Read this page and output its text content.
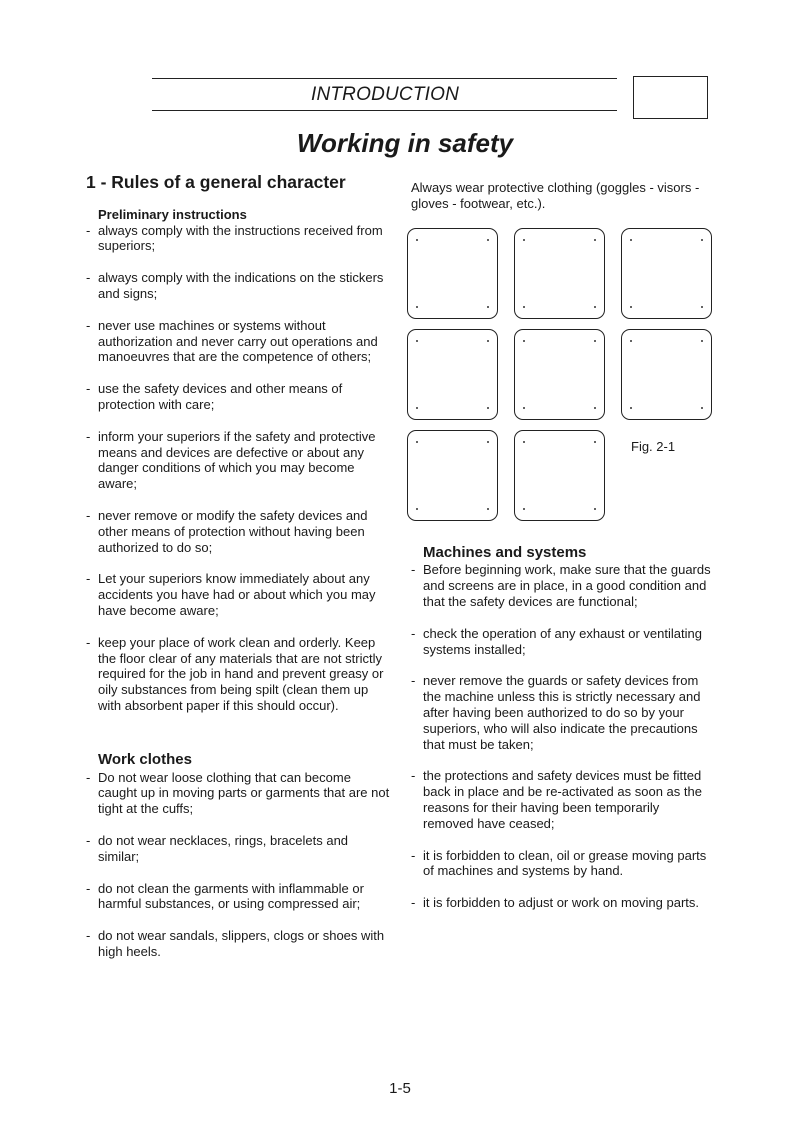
INTRODUCTION
Working in safety
1 - Rules of a general character
Preliminary instructions
- always comply with the instructions received from superiors;
- always comply with the indications on the stickers and signs;
- never use machines or systems without authorization and never carry out operations and manoeuvres that are the competence of others;
- use the safety devices and other means of protection with care;
- inform your superiors if the safety and protective means and devices are defective or about any danger conditions of which you may become aware;
- never remove or modify the safety devices and other means of protection without having been authorized to do so;
- Let your superiors know immediately about any accidents you have had or about which you may have become aware;
- keep your place of work clean and orderly. Keep the floor clear of any materials that are not strictly required for the job in hand and prevent greasy or oily substances from being spilt (clean them up with absorbent paper if this should occur).
Work clothes
- Do not wear loose clothing that can become caught up in moving parts or garments that are not tight at the cuffs;
- do not wear necklaces, rings, bracelets and similar;
- do not clean the garments with inflammable or harmful substances, or using compressed air;
- do not wear sandals, slippers, clogs or shoes with high heels.
Always wear protective clothing (goggles - visors - gloves - footwear, etc.).
Fig. 2-1
Machines and systems
- Before beginning work, make sure that the guards and screens are in place, in a good condition and that the safety devices are functional;
- check the operation of any exhaust or ventilating systems installed;
- never remove the guards or safety devices from the machine unless this is strictly necessary and after having been authorized to do so by your superiors, who will also indicate the precautions that must be taken;
- the protections and safety devices must be fitted back in place and be re-activated as soon as the reasons for their having been temporarily removed have ceased;
- it is forbidden to clean, oil or grease moving parts of machines and systems by hand.
- it is forbidden to adjust or work on moving parts.
1-5
